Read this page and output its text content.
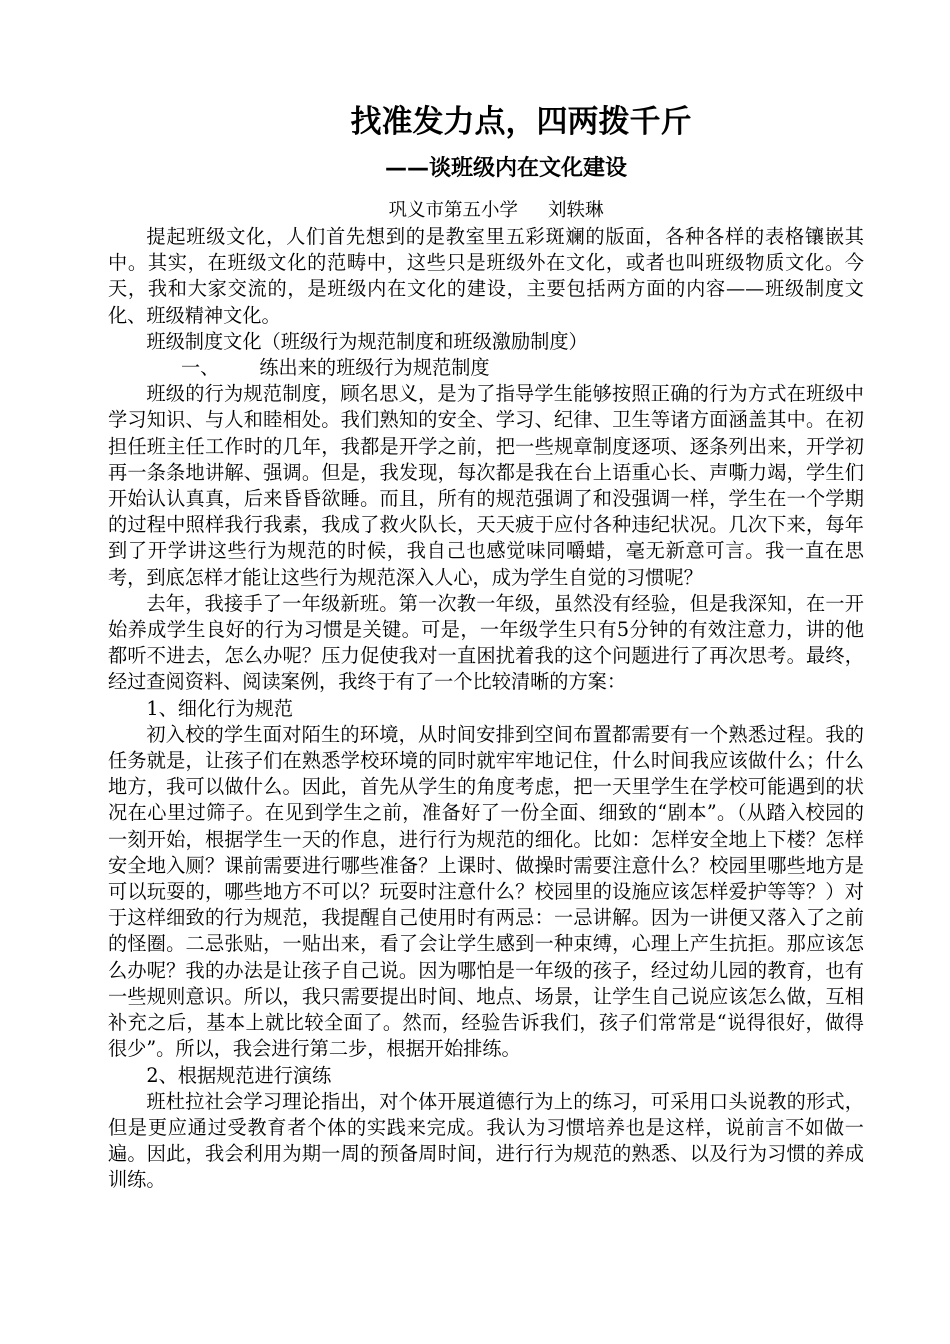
找准发力点，四两拨千斤
——谈班级内在文化建设
巩义市第五小学 刘轶琳

提起班级文化，人们首先想到的是教室里五彩斑斓的版面，各种各样的表格镶嵌其中。其实，在班级文化的范畴中，这些只是班级外在文化，或者也叫班级物质文化。今天，我和大家交流的，是班级内在文化的建设，主要包括两方面的内容——班级制度文化、班级精神文化。

班级制度文化（班级行为规范制度和班级激励制度）

一、 练出来的班级行为规范制度

班级的行为规范制度，顾名思义，是为了指导学生能够按照正确的行为方式在班级中学习知识、与人和睦相处。我们熟知的安全、学习、纪律、卫生等诸方面涵盖其中。在初担任班主任工作时的几年，我都是开学之前，把一些规章制度逐项、逐条列出来，开学初再一条条地讲解、强调。但是，我发现，每次都是我在台上语重心长、声嘶力竭，学生们开始认认真真，后来昏昏欲睡。而且，所有的规范强调了和没强调一样，学生在一个学期的过程中照样我行我素，我成了救火队长，天天疲于应付各种违纪状况。几次下来，每年到了开学讲这些行为规范的时候，我自己也感觉味同嚼蜡，毫无新意可言。我一直在思考，到底怎样才能让这些行为规范深入人心，成为学生自觉的习惯呢？

去年，我接手了一年级新班。第一次教一年级，虽然没有经验，但是我深知，在一开始养成学生良好的行为习惯是关键。可是，一年级学生只有5分钟的有效注意力，讲的他都听不进去，怎么办呢？压力促使我对一直困扰着我的这个问题进行了再次思考。最终，经过查阅资料、阅读案例，我终于有了一个比较清晰的方案：

1、细化行为规范

初入校的学生面对陌生的环境，从时间安排到空间布置都需要有一个熟悉过程。我的任务就是，让孩子们在熟悉学校环境的同时就牢牢地记住，什么时间我应该做什么；什么地方，我可以做什么。因此，首先从学生的角度考虑，把一天里学生在学校可能遇到的状况在心里过筛子。在见到学生之前，准备好了一份全面、细致的“剧本”。（从踏入校园的一刻开始，根据学生一天的作息，进行行为规范的细化。比如：怎样安全地上下楼？怎样安全地入厕？课前需要进行哪些准备？上课时、做操时需要注意什么？校园里哪些地方是可以玩耍的，哪些地方不可以？玩耍时注意什么？校园里的设施应该怎样爱护等等？）对于这样细致的行为规范，我提醒自己使用时有两忌：一忌讲解。因为一讲便又落入了之前的怪圈。二忌张贴，一贴出来，看了会让学生感到一种束缚，心理上产生抗拒。那应该怎么办呢？我的办法是让孩子自己说。因为哪怕是一年级的孩子，经过幼儿园的教育，也有一些规则意识。所以，我只需要提出时间、地点、场景，让学生自己说应该怎么做，互相补充之后，基本上就比较全面了。然而，经验告诉我们，孩子们常常是“说得很好，做得很少”。所以，我会进行第二步，根据开始排练。

2、根据规范进行演练

班杜拉社会学习理论指出，对个体开展道德行为上的练习，可采用口头说教的形式，但是更应通过受教育者个体的实践来完成。我认为习惯培养也是这样，说前言不如做一遍。因此，我会利用为期一周的预备周时间，进行行为规范的熟悉、以及行为习惯的养成训练。
